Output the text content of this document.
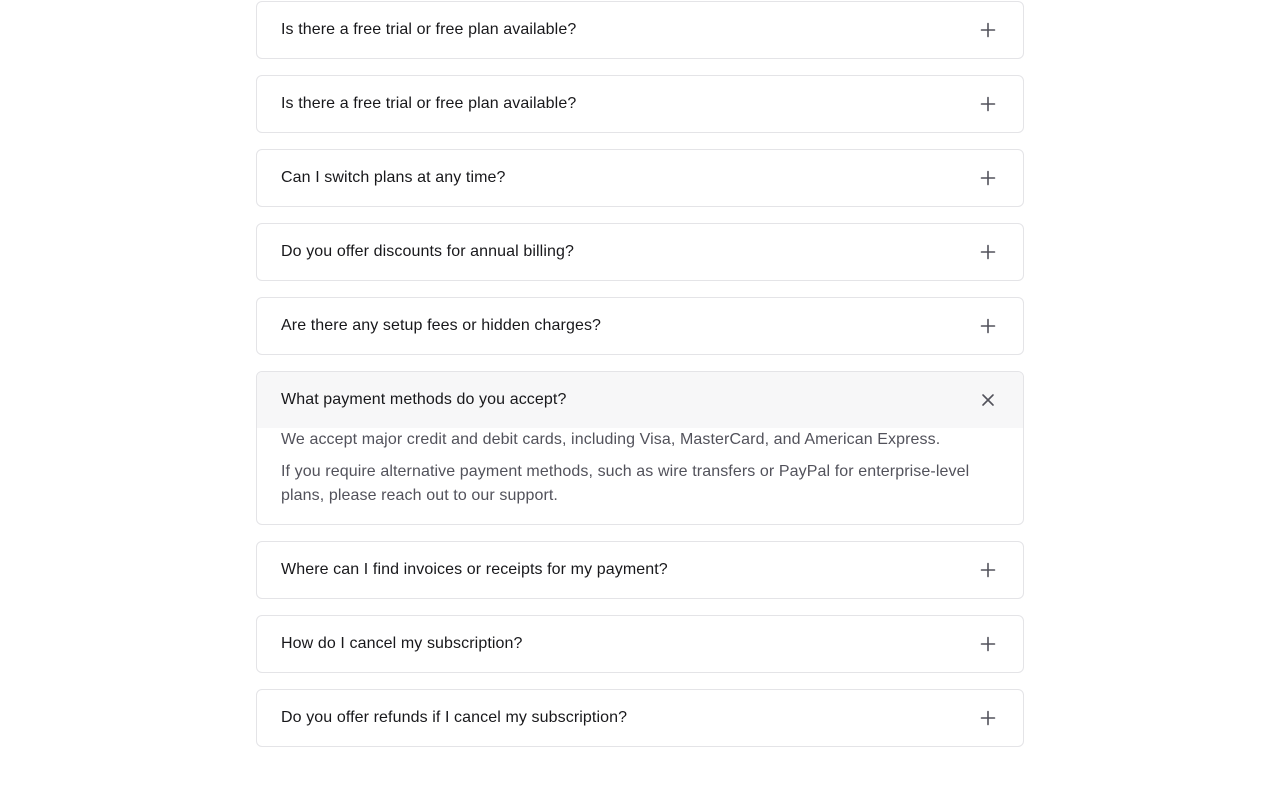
Is there a free trial or free plan available?
Is there a free trial or free plan available?
Can I switch plans at any time?
Do you offer discounts for annual billing?
Are there any setup fees or hidden charges?
What payment methods do you accept?

We accept major credit and debit cards, including Visa, MasterCard, and American Express.

If you require alternative payment methods, such as wire transfers or PayPal for enterprise-level plans, please reach out to our support.

Where can I find invoices or receipts for my payment?
How do I cancel my subscription?
Do you offer refunds if I cancel my subscription?
